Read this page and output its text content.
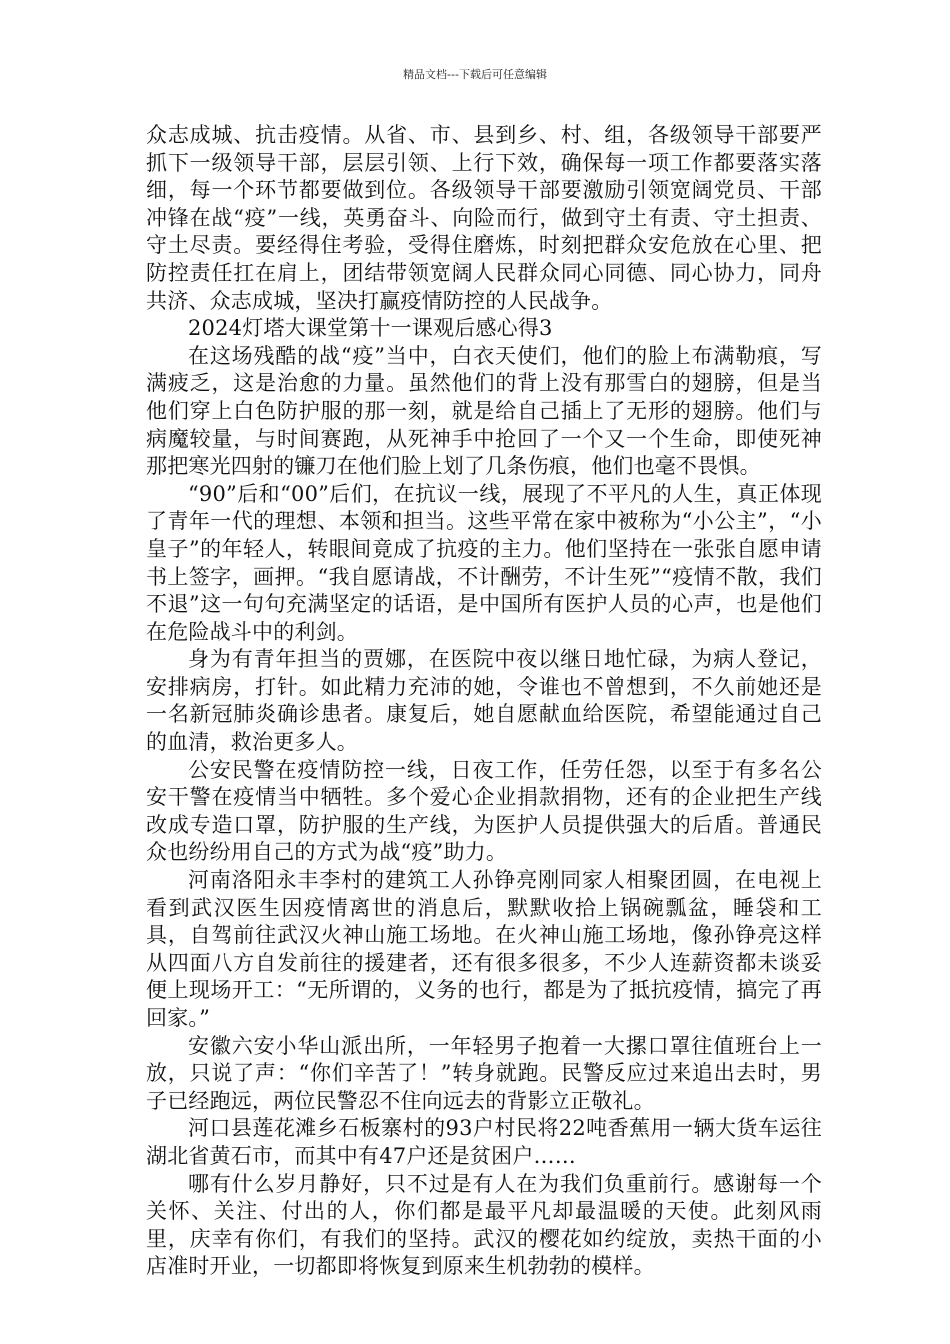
精品文档---下载后可任意编辑

众志成城、抗击疫情。从省、市、县到乡、村、组，各级领导干部要严抓下一级领导干部，层层引领、上行下效，确保每一项工作都要落实落细，每一个环节都要做到位。各级领导干部要激励引领宽阔党员、干部冲锋在战“疫”一线，英勇奋斗、向险而行，做到守土有责、守土担责、守土尽责。要经得住考验，受得住磨炼，时刻把群众安危放在心里、把防控责任扛在肩上，团结带领宽阔人民群众同心同德、同心协力，同舟共济、众志成城，坚决打赢疫情防控的人民战争。

2024灯塔大课堂第十一课观后感心得3

在这场残酷的战“疫”当中，白衣天使们，他们的脸上布满勒痕，写满疲乏，这是治愈的力量。虽然他们的背上没有那雪白的翅膀，但是当他们穿上白色防护服的那一刻，就是给自己插上了无形的翅膀。他们与病魔较量，与时间赛跑，从死神手中抢回了一个又一个生命，即使死神那把寒光四射的镰刀在他们脸上划了几条伤痕，他们也毫不畏惧。

“90”后和“00”后们，在抗议一线，展现了不平凡的人生，真正体现了青年一代的理想、本领和担当。这些平常在家中被称为“小公主”，“小皇子”的年轻人，转眼间竟成了抗疫的主力。他们坚持在一张张自愿申请书上签字，画押。“我自愿请战，不计酬劳，不计生死”“疫情不散，我们不退”这一句句充满坚定的话语，是中国所有医护人员的心声，也是他们在危险战斗中的利剑。

身为有青年担当的贾娜，在医院中夜以继日地忙碌，为病人登记，安排病房，打针。如此精力充沛的她，令谁也不曾想到，不久前她还是一名新冠肺炎确诊患者。康复后，她自愿献血给医院，希望能通过自己的血清，救治更多人。

公安民警在疫情防控一线，日夜工作，任劳任怨，以至于有多名公安干警在疫情当中牺牲。多个爱心企业捐款捐物，还有的企业把生产线改成专造口罩，防护服的生产线，为医护人员提供强大的后盾。普通民众也纷纷用自己的方式为战“疫”助力。

河南洛阳永丰李村的建筑工人孙铮亮刚同家人相聚团圆，在电视上看到武汉医生因疫情离世的消息后，默默收拾上锅碗瓢盆，睡袋和工具，自驾前往武汉火神山施工场地。在火神山施工场地，像孙铮亮这样从四面八方自发前往的援建者，还有很多很多，不少人连薪资都未谈妥便上现场开工：“无所谓的，义务的也行，都是为了抵抗疫情，搞完了再回家。”

安徽六安小华山派出所，一年轻男子抱着一大摞口罩往值班台上一放，只说了声：“你们辛苦了！”转身就跑。民警反应过来追出去时，男子已经跑远，两位民警忍不住向远去的背影立正敬礼。

河口县莲花滩乡石板寨村的93户村民将22吨香蕉用一辆大货车运往湖北省黄石市，而其中有47户还是贫困户……

哪有什么岁月静好，只不过是有人在为我们负重前行。感谢每一个关怀、关注、付出的人，你们都是最平凡却最温暖的天使。此刻风雨里，庆幸有你们，有我们的坚持。武汉的樱花如约绽放，卖热干面的小店准时开业，一切都即将恢复到原来生机勃勃的模样。
